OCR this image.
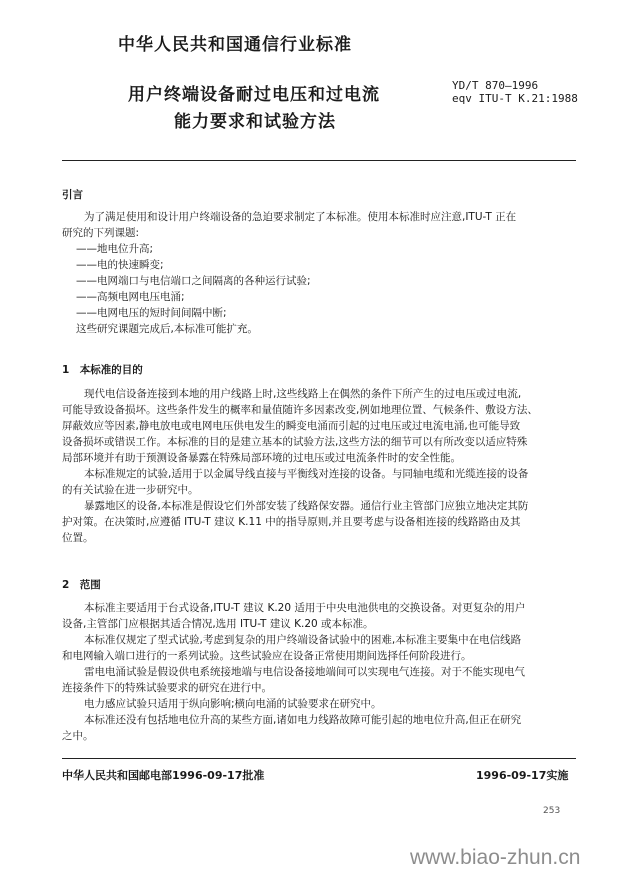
中华人民共和国通信行业标准
用户终端设备耐过电压和过电流
能力要求和试验方法
YD/T 870—1996
eqv ITU-T K.21:1988
引言
为了满足使用和设计用户终端设备的急迫要求制定了本标准。使用本标准时应注意,ITU-T 正在
研究的下列课题:
——地电位升高;
——电的快速瞬变;
——电网端口与电信端口之间隔离的各种运行试验;
——高频电网电压电涌;
——电网电压的短时间间隔中断;
这些研究课题完成后,本标准可能扩充。
1　本标准的目的
现代电信设备连接到本地的用户线路上时,这些线路上在偶然的条件下所产生的过电压或过电流,
可能导致设备损坏。这些条件发生的概率和量值随许多因素改变,例如地理位置、气候条件、敷设方法、
屏蔽效应等因素,静电放电或电网电压供电发生的瞬变电涌而引起的过电压或过电流电涌,也可能导致
设备损坏或错误工作。本标准的目的是建立基本的试验方法,这些方法的细节可以有所改变以适应特殊
局部环境并有助于预测设备暴露在特殊局部环境的过电压或过电流条件时的安全性能。
本标准规定的试验,适用于以金属导线直接与平衡线对连接的设备。与同轴电缆和光缆连接的设备
的有关试验在进一步研究中。
暴露地区的设备,本标准是假设它们外部安装了线路保安器。通信行业主管部门应独立地决定其防
护对策。在决策时,应遵循 ITU-T 建议 K.11 中的指导原则,并且要考虑与设备相连接的线路路由及其
位置。
2　范围
本标准主要适用于台式设备,ITU-T 建议 K.20 适用于中央电池供电的交换设备。对更复杂的用户
设备,主管部门应根据其适合情况,选用 ITU-T 建议 K.20 或本标准。
本标准仅规定了型式试验,考虑到复杂的用户终端设备试验中的困难,本标准主要集中在电信线路
和电网输入端口进行的一系列试验。这些试验应在设备正常使用期间选择任何阶段进行。
雷电电涌试验是假设供电系统接地端与电信设备接地端间可以实现电气连接。对于不能实现电气
连接条件下的特殊试验要求的研究在进行中。
电力感应试验只适用于纵向影响;横向电涌的试验要求在研究中。
本标准还没有包括地电位升高的某些方面,诸如电力线路故障可能引起的地电位升高,但正在研究
之中。
中华人民共和国邮电部1996-09-17批准	1996-09-17实施
253
www.biao-zhun.cn
